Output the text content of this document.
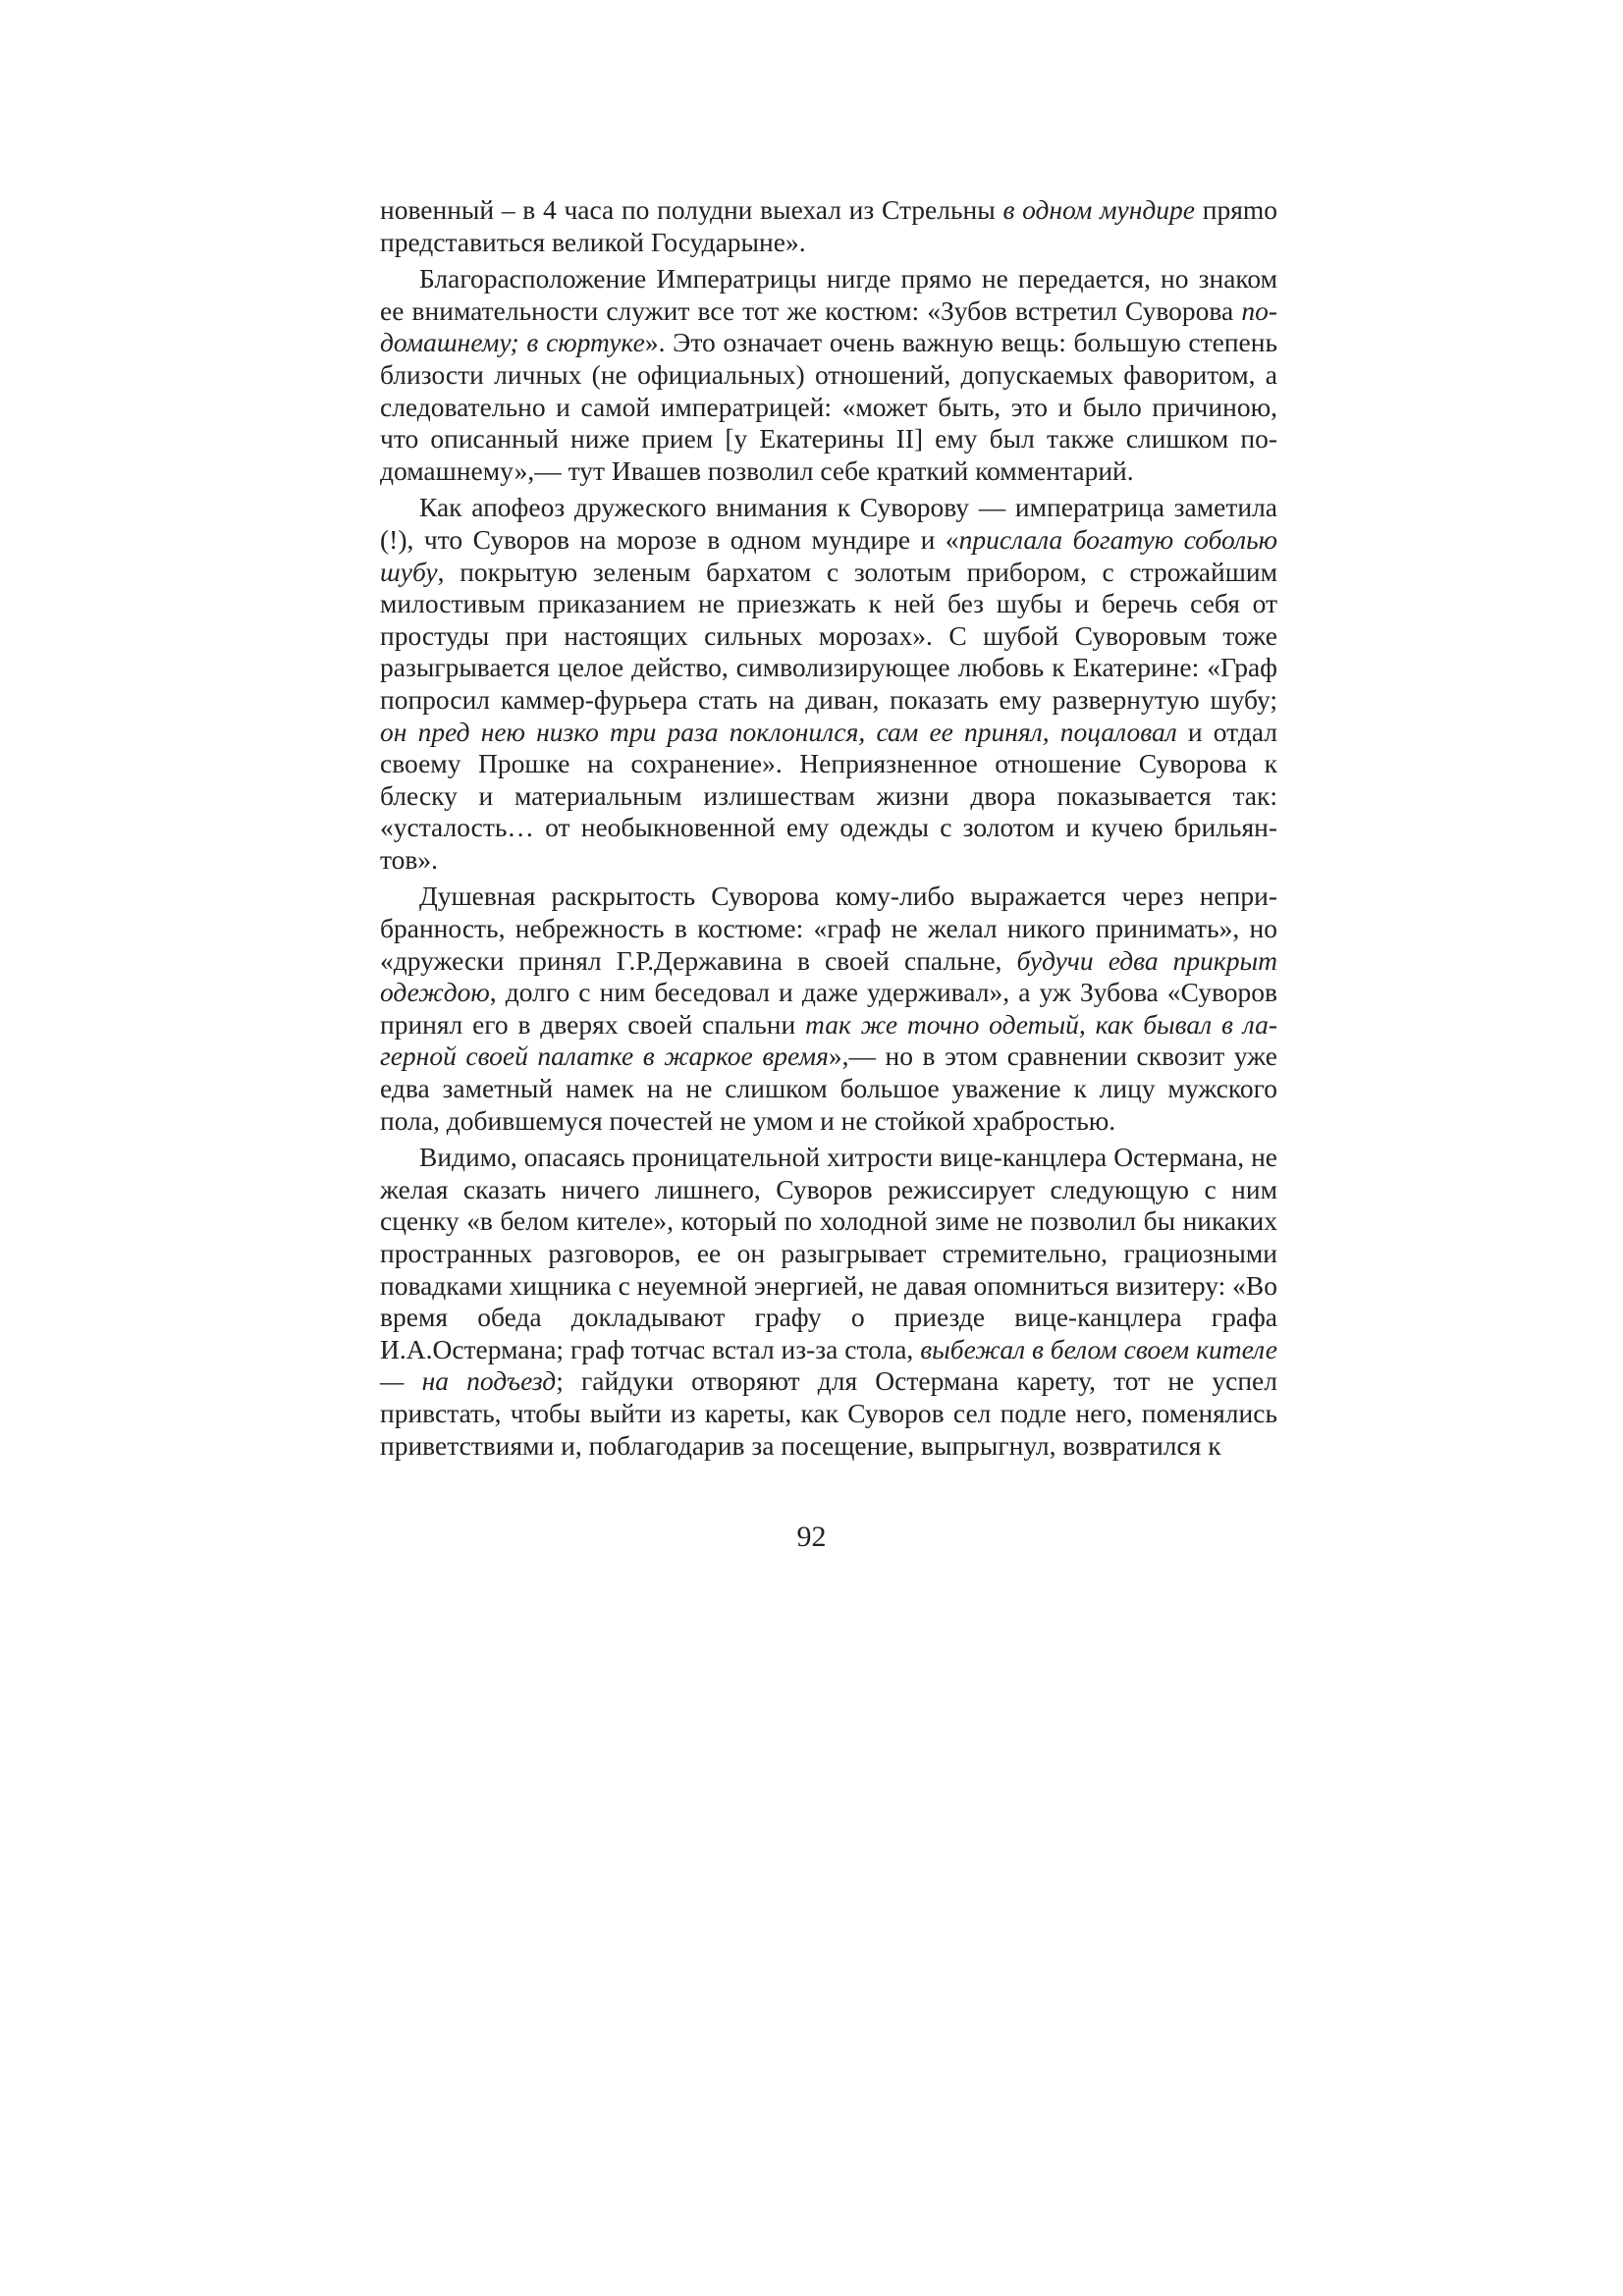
новенный – в 4 часа по полудни выехал из Стрельны в одном мундире пряmo представиться великой Государыне».

Благорасположение Императрицы нигде прямо не передается, но знаком ее внимательности служит все тот же костюм: «Зубов встретил Суворова по-домашнему; в сюртуке». Это означает очень важную вещь: большую степень близости личных (не официальных) отношений, допускаемых фаворитом, а следовательно и самой императрицей: «может быть, это и было причиною, что описанный ниже прием [у Екатерины II] ему был также слишком по-домашнему»,— тут Ивашев позволил себе краткий комментарий.

Как апофеоз дружеского внимания к Суворову — императрица заметила (!), что Суворов на морозе в одном мундире и «прислала богатую соболью шубу, покрытую зеленым бархатом с золотым прибором, с строжайшим милостивым приказанием не приезжать к ней без шубы и беречь себя от простуды при настоящих сильных морозах». С шубой Суворовым тоже разыгрывается целое действо, символизирующее любовь к Екатерине: «Граф попросил каммер-фурьера стать на диван, показать ему развернутую шубу; он пред нею низко три раза поклонился, сам ее принял, поцаловал и отдал своему Прошке на сохранение». Неприязненное отношение Суворова к блеску и материальным излишествам жизни двора показывается так: «усталость… от необыкновенной ему одежды с золотом и кучею брильянтов».

Душевная раскрытость Суворова кому-либо выражается через неприбранность, небрежность в костюме: «граф не желал никого принимать», но «дружески принял Г.Р.Державина в своей спальне, будучи едва прикрыт одеждою, долго с ним беседовал и даже удерживал», а уж Зубова «Суворов принял его в дверях своей спальни так же точно одетый, как бывал в лагерной своей палатке в жаркое время»,— но в этом сравнении сквозит уже едва заметный намек на не слишком большое уважение к лицу мужского пола, добившемуся почестей не умом и не стойкой храбростью.

Видимо, опасаясь проницательной хитрости вице-канцлера Остермана, не желая сказать ничего лишнего, Суворов режиссирует следующую с ним сценку «в белом кителе», который по холодной зиме не позволил бы никаких пространных разговоров, ее он разыгрывает стремительно, грациозными повадками хищника с неуемной энергией, не давая опомниться визитеру: «Во время обеда докладывают графу о приезде вице-канцлера графа И.А.Остермана; граф тотчас встал из-за стола, выбежал в белом своем кителе — на подъезд; гайдуки отворяют для Остермана карету, тот не успел привстать, чтобы выйти из кареты, как Суворов сел подле него, поменялись приветствиями и, поблагодарив за посещение, выпрыгнул, возвратился к

92
